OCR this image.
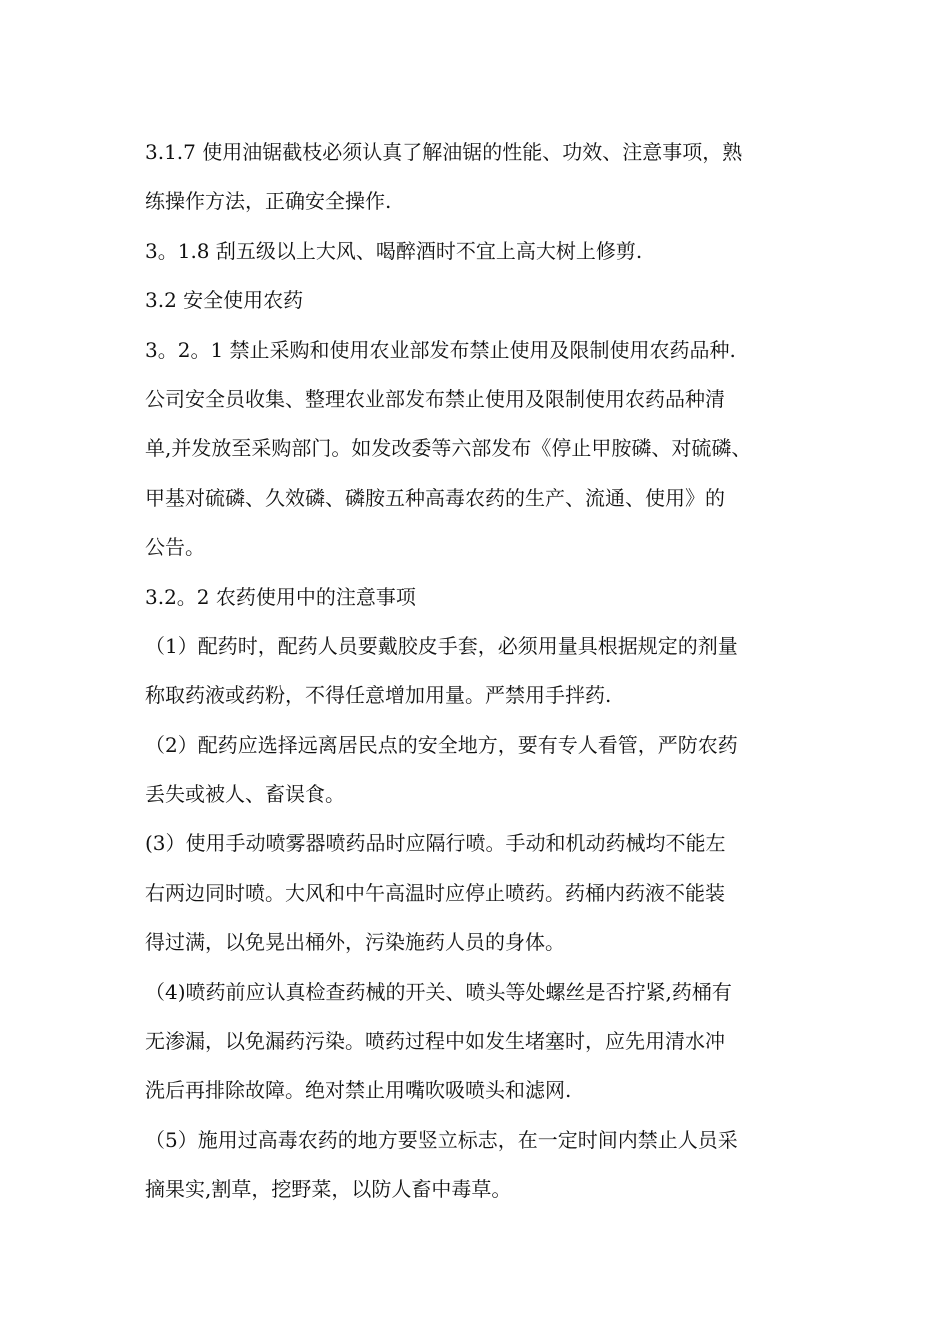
3.1.7 使用油锯截枝必须认真了解油锯的性能、功效、注意事项，熟
练操作方法，正确安全操作.
3。1.8 刮五级以上大风、喝醉酒时不宜上高大树上修剪.
3.2 安全使用农药
3。2。1 禁止采购和使用农业部发布禁止使用及限制使用农药品种.
公司安全员收集、整理农业部发布禁止使用及限制使用农药品种清
单,并发放至采购部门。如发改委等六部发布《停止甲胺磷、对硫磷、
甲基对硫磷、久效磷、磷胺五种高毒农药的生产、流通、使用》的
公告。
3.2。2 农药使用中的注意事项
（1）配药时，配药人员要戴胶皮手套，必须用量具根据规定的剂量
称取药液或药粉，不得任意增加用量。严禁用手拌药.
（2）配药应选择远离居民点的安全地方，要有专人看管，严防农药
丢失或被人、畜误食。
(3）使用手动喷雾器喷药品时应隔行喷。手动和机动药械均不能左
右两边同时喷。大风和中午高温时应停止喷药。药桶内药液不能装
得过满，以免晃出桶外，污染施药人员的身体。
（4)喷药前应认真检查药械的开关、喷头等处螺丝是否拧紧,药桶有
无渗漏，以免漏药污染。喷药过程中如发生堵塞时，应先用清水冲
洗后再排除故障。绝对禁止用嘴吹吸喷头和滤网.
（5）施用过高毒农药的地方要竖立标志，在一定时间内禁止人员采
摘果实,割草，挖野菜，以防人畜中毒草。
